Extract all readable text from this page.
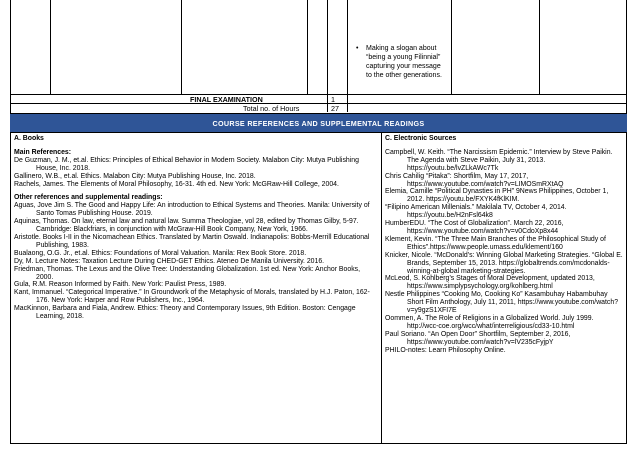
• Making a slogan about “being a young Filinnial” capturing your message to the other generations.
FINAL EXAMINATION	1
Total no. of Hours	27
COURSE REFERENCES AND SUPPLEMENTAL READINGS
A. Books
Main References:
De Guzman, J. M., et.al. Ethics: Principles of Ethical Behavior in Modern Society. Malabon City: Mutya Publishing House, Inc. 2018.
Gallinero, W.B., et.al. Ethics. Malabon City: Mutya Publishing House, Inc. 2018.
Rachels, James. The Elements of Moral Philosophy, 16-31. 4th ed. New York: McGRaw-Hill College, 2004.
Other references and supplemental readings:
Aguas, Jove Jim S. The Good and Happy Life: An introduction to Ethical Systems and Theories. Manila: University of Santo Tomas Publishing House. 2019.
Aquinas, Thomas. On law, eternal law and natural law. Summa Theologiae, vol 28, edited by Thomas Gilby, 5-97. Cambridge: Blackfriars, in conjunction with McGraw-Hill Book Company, New York, 1966.
Aristotle. Books I-II in the Nicomachean Ethics. Translated by Martin Oswald. Indianapolis: Bobbs-Merrill Educational Publishing, 1983.
Bualaong, O.G. Jr., et.al. Ethics: Foundations of Moral Valuation. Manila: Rex Book Store. 2018.
Dy, M. Lecture Notes: Taxation Lecture During CHED-GET Ethics. Ateneo De Manila University. 2016.
Friedman, Thomas. The Lexus and the Olive Tree: Understanding Globalization. 1st ed. New York: Anchor Books, 2000.
Gula, R.M. Reason Informed by Faith. New York: Paulist Press, 1989.
Kant, Immanuel. “Categorical Imperative.” In Groundwork of the Metaphysic of Morals, translated by H.J. Paton, 162-176. New York: Harper and Row Publishers, Inc., 1964.
MacKinnon, Barbara and Fiala, Andrew. Ethics: Theory and Contemporary Issues, 9th Edition. Boston: Cengage Learning, 2018.
C. Electronic Sources
Campbell, W. Keith. “The Narcissism Epidemic.” Interview by Steve Paikin. The Agenda with Steve Paikin, July 31, 2013. https://youtu.be/lvZLkAWc7Tk
Chris Cahilig “Pitaka”: Shortfilm, May 17, 2017, https://www.youtube.com/watch?v=LIMOSmRXtAQ
Elemia, Camille “Political Dynasties in PH” 9News Philippines, October 1, 2012. https://youtu.be/FXYK4fKlKIM.
“Filipino American Millenials.” Makilala TV, October 4, 2014. https://youtu.be/H2nFsl64k8
HumberEDU. “The Cost of Globalization”. March 22, 2016, https://www.youtube.com/watch?v=v0CdoXp8x44
Klement, Kevin. “The Three Main Branches of the Philosophical Study of Ethics”.https://www.people.umass.edu/klement/160
Knicker, Nicole. “McDonald’s: Winning Global Marketing Strategies. “Global E. Brands, September 15, 2013. https://globaltrends.com/mcdonalds-winning-at-global marketing-strategies.
McLeod, S. Kohlberg’s Stages of Moral Development, updated 2013, https://www.simplypsychology.org/kohlberg.html
Nestle Philippines “Cooking Mo, Cooking Ko” Kasambuhay Habambuhay Short Film Anthology, July 11, 2011, https://www.youtube.com/watch?v=y9gzS1XFI7E
Oommen, A. The Role of Religions in a Globalized World. July 1999. http://wcc-coe.org/wcc/what/interreligious/cd33-10.html
Paul Soriano. “An Open Door” Shortfilm, September 2, 2016, https://www.youtube.com/watch?v=lV235cFyjpY
PHILO-notes: Learn Philosophy Online.
